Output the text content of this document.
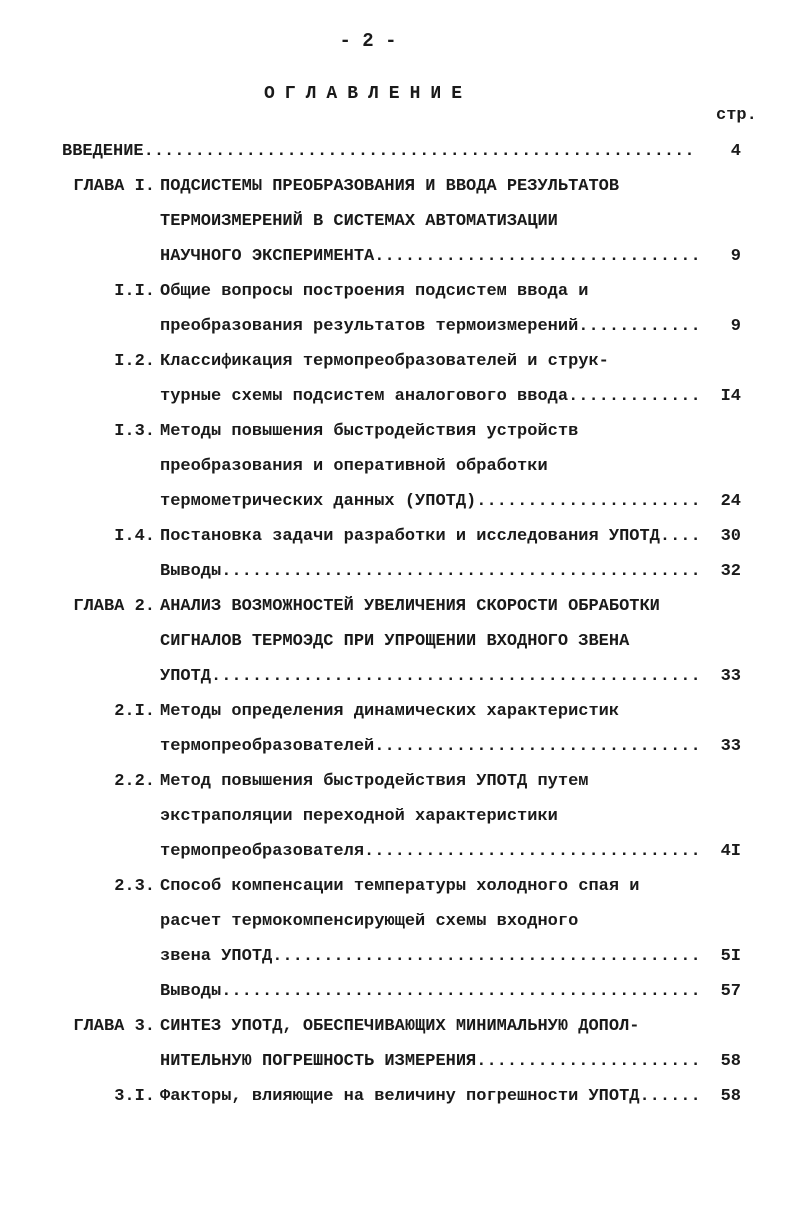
- 2 -
ОГЛАВЛЕНИЕ
стр.
ВВЕДЕНИЕ .....	4
ГЛАВА I. ПОДСИСТЕМЫ ПРЕОБРАЗОВАНИЯ И ВВОДА РЕЗУЛЬТАТОВ
ТЕРМОИЗМЕРЕНИЙ В СИСТЕМАХ АВТОМАТИЗАЦИИ
НАУЧНОГО ЭКСПЕРИМЕНТА .....	9
I.I. Общие вопросы построения подсистем ввода и
преобразования результатов термоизмерений .....	9
I.2. Классификация термопреобразователей и струк-
турные схемы подсистем аналогового ввода .....	I4
I.3. Методы повышения быстродействия устройств
преобразования и оперативной обработки
термометрических данных (УПОТД) .....	24
I.4. Постановка задачи разработки и исследования УПОТД. .....	30
Выводы .....	32
ГЛАВА 2. АНАЛИЗ ВОЗМОЖНОСТЕЙ УВЕЛИЧЕНИЯ СКОРОСТИ ОБРАБОТКИ
СИГНАЛОВ ТЕРМОЭДС ПРИ УПРОЩЕНИИ ВХОДНОГО ЗВЕНА
УПОТД .....	33
2.I. Методы определения динамических характеристик
термопреобразователей .....	33
2.2. Метод повышения быстродействия УПОТД путем
экстраполяции переходной характеристики
термопреобразователя .....	4I
2.3. Способ компенсации температуры холодного спая и
расчет термокомпенсирующей схемы входного
звена УПОТД .....	5I
Выводы .....	57
ГЛАВА 3. СИНТЕЗ УПОТД, ОБЕСПЕЧИВАЮЩИХ МИНИМАЛЬНУЮ ДОПОЛ-
НИТЕЛЬНУЮ ПОГРЕШНОСТЬ ИЗМЕРЕНИЯ .....	58
3.I. Факторы, влияющие на величину погрешности УПОТД... .....	58
